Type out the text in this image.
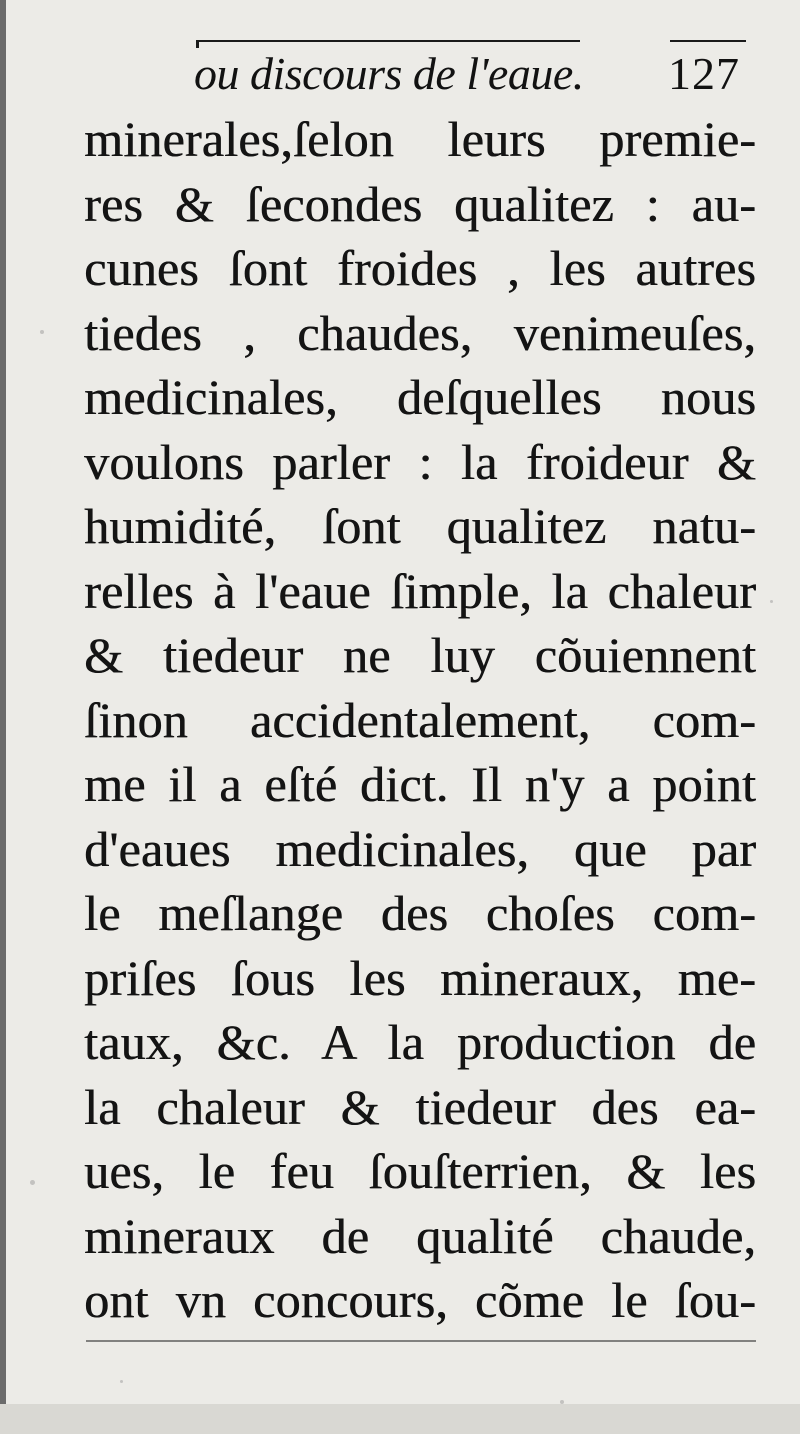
ou discours de l'eaue. 127
minerales,ſelon leurs premie-
res & ſecondes qualitez : au-
cunes ſont froides , les autres
tiedes , chaudes, venimeuſes,
medicinales, deſquelles nous
voulons parler : la froideur &
humidité, ſont qualitez natu-
relles à l'eaue ſimple, la chaleur
& tiedeur ne luy cõuiennent
ſinon accidentalement, com-
me il a eſté dict. Il n'y a point
d'eaues medicinales, que par
le meſlange des choſes com-
priſes ſous les mineraux, me-
taux, &c. A la production de
la chaleur & tiedeur des ea-
ues, le feu ſouſterrien, & les
mineraux de qualité chaude,
ont vn concours, cõme le ſou-
